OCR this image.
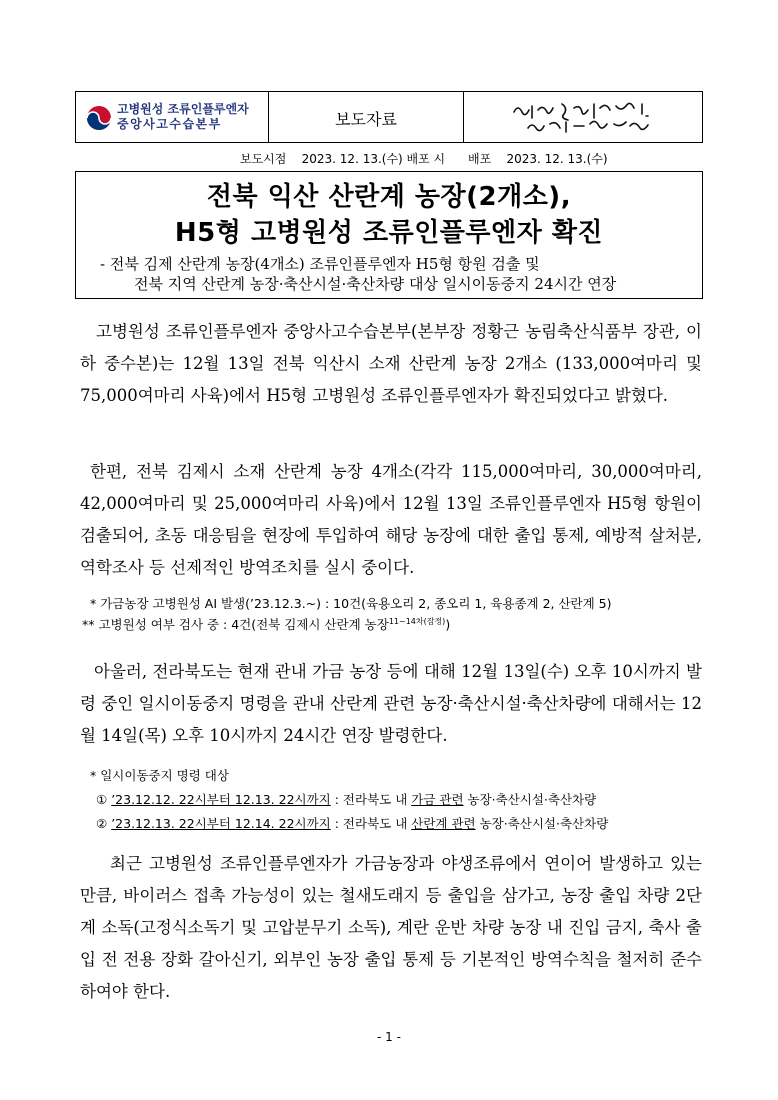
고병원성 조류인플루엔자
중앙사고수습본부	보도자료
보도시점    2023. 12. 13.(수) 배포 시      배포    2023. 12. 13.(수)
전북 익산 산란계 농장(2개소),
H5형 고병원성 조류인플루엔자 확진
- 전북 김제 산란계 농장(4개소) 조류인플루엔자 H5형 항원 검출 및
전북 지역 산란계 농장·축산시설·축산차량 대상 일시이동중지 24시간 연장
고병원성 조류인플루엔자 중앙사고수습본부(본부장 정황근 농림축산식품부 장관, 이하 중수본)는 12월 13일 전북 익산시 소재 산란계 농장 2개소 (133,000여마리 및 75,000여마리 사육)에서 H5형 고병원성 조류인플루엔자가 확진되었다고 밝혔다.
한편, 전북 김제시 소재 산란계 농장 4개소(각각 115,000여마리, 30,000여마리, 42,000여마리 및 25,000여마리 사육)에서 12월 13일 조류인플루엔자 H5형 항원이 검출되어, 초동 대응팀을 현장에 투입하여 해당 농장에 대한 출입 통제, 예방적 살처분, 역학조사 등 선제적인 방역조치를 실시 중이다.
* 가금농장 고병원성 AI 발생(’23.12.3.~) : 10건(육용오리 2, 종오리 1, 육용종계 2, 산란계 5)
** 고병원성 여부 검사 중 : 4건(전북 김제시 산란계 농장$^{11\sim 14차(잠정)}$)
아울러, 전라북도는 현재 관내 가금 농장 등에 대해 12월 13일(수) 오후 10시까지 발령 중인 일시이동중지 명령을 관내 산란계 관련 농장·축산시설·축산차량에 대해서는 12월 14일(목) 오후 10시까지 24시간 연장 발령한다.
* 일시이동중지 명령 대상
① ’23.12.12. 22시부터 12.13. 22시까지 : 전라북도 내 가금 관련 농장·축산시설·축산차량
② ’23.12.13. 22시부터 12.14. 22시까지 : 전라북도 내 산란계 관련 농장·축산시설·축산차량
최근 고병원성 조류인플루엔자가 가금농장과 야생조류에서 연이어 발생하고 있는 만큼, 바이러스 접촉 가능성이 있는 철새도래지 등 출입을 삼가고, 농장 출입 차량 2단계 소독(고정식소독기 및 고압분무기 소독), 계란 운반 차량 농장 내 진입 금지, 축사 출입 전 전용 장화 갈아신기, 외부인 농장 출입 통제 등 기본적인 방역수칙을 철저히 준수하여야 한다.
- 1 -
